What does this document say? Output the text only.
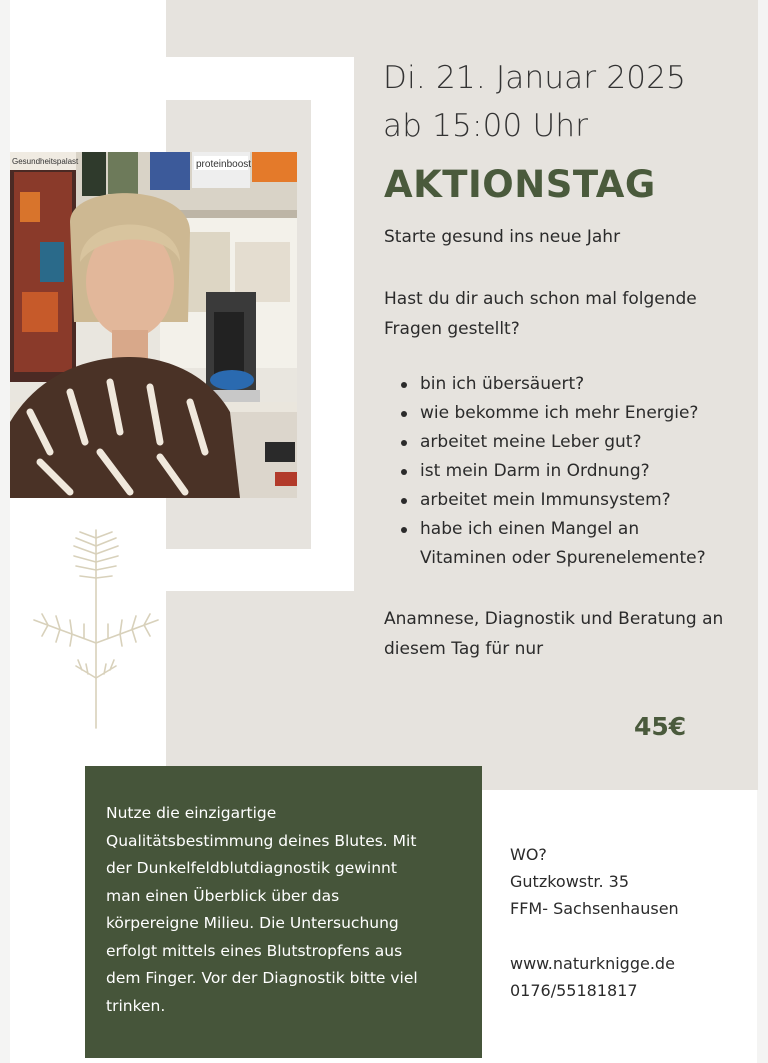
proteinboost
Gesundheitspalast
Di. 21. Januar 2025
ab 15:00 Uhr
AKTIONSTAG
Starte gesund ins neue Jahr
Hast du dir auch schon mal folgende
Fragen gestellt?
bin ich übersäuert?
wie bekomme ich mehr Energie?
arbeitet meine Leber gut?
ist mein Darm in Ordnung?
arbeitet mein Immunsystem?
habe ich einen Mangel an
Vitaminen oder Spurenelemente?
Anamnese, Diagnostik und Beratung an
diesem Tag für nur
45€
Nutze die einzigartige
Qualitätsbestimmung deines Blutes. Mit
der Dunkelfeldblutdiagnostik gewinnt
man einen Überblick über das
körpereigne Milieu. Die Untersuchung
erfolgt mittels eines Blutstropfens aus
dem Finger. Vor der Diagnostik bitte viel
trinken.
WO?
Gutzkowstr. 35
FFM- Sachsenhausen
www.naturknigge.de
0176/55181817
